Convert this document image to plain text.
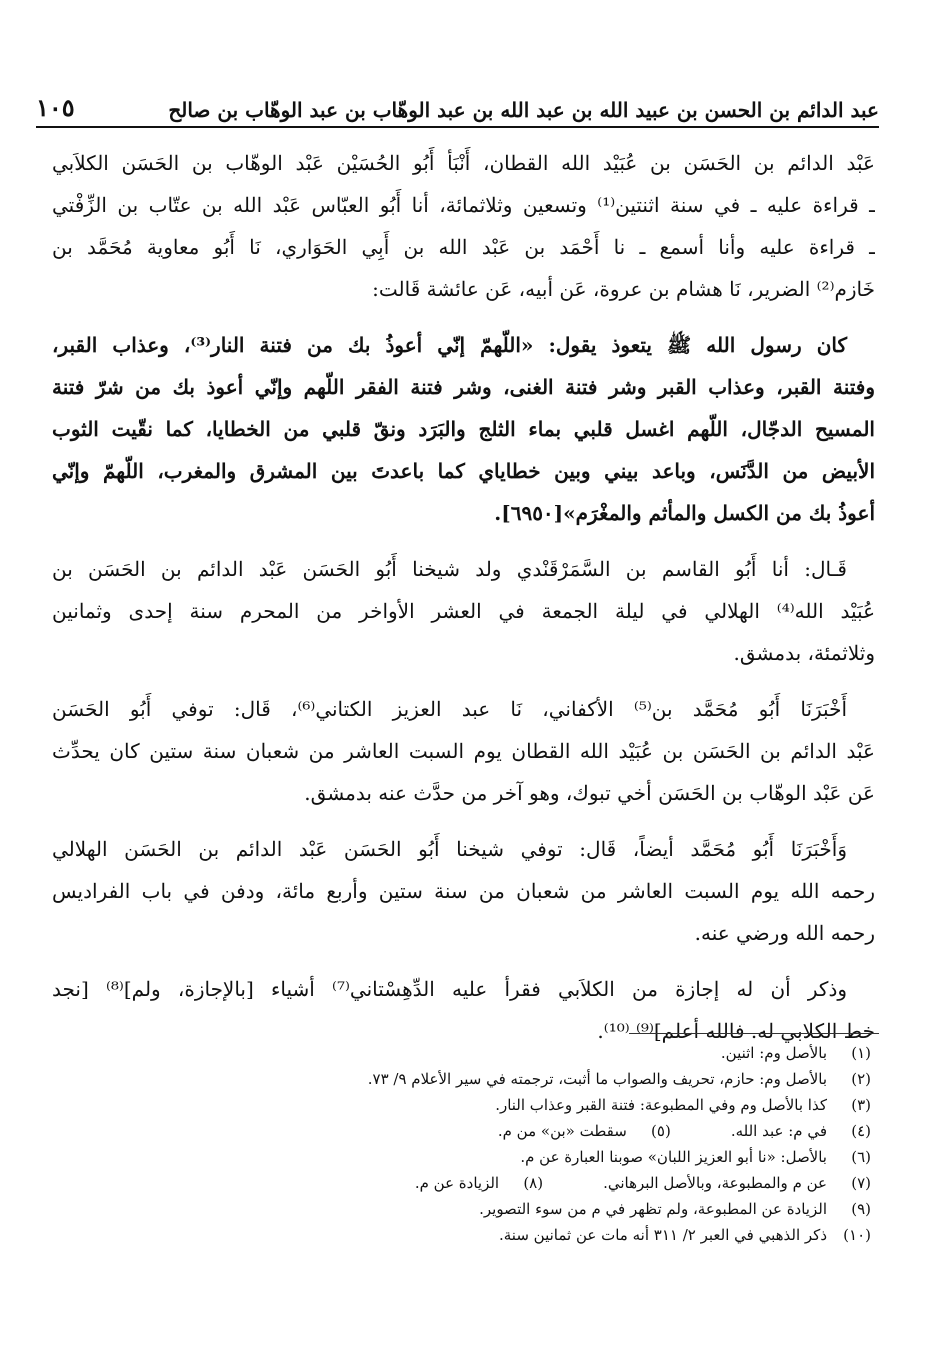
عبد الدائم بن الحسن بن عبيد الله بن عبد الله بن عبد الوهّاب بن عبد الوهّاب بن صالح
١٠٥

عَبْد الدائم بن الحَسَن بن عُبَيْد الله القطان، أَنْبَأ أَبُو الحُسَيْن عَبْد الوهّاب بن الحَسَن الكلاَبي
ـ قراءة عليه ـ في سنة اثنتين⁽¹⁾ وتسعين وثلاثمائة، أنا أَبُو العبّاس عَبْد الله بن عتّاب بن الزِّفْتي
ـ قراءة عليه وأنا أسمع ـ نا أَحْمَد بن عَبْد الله بن أَبِي الحَوَاري، نَا أَبُو معاوية مُحَمَّد بن
خَازم⁽²⁾ الضرير، نَا هشام بن عروة، عَن أبيه، عَن عائشة قَالت:

كان رسول الله ﷺ يتعوذ يقول: «اللّهمّ إنّي أعوذُ بك من فتنة النار⁽³⁾، وعذاب القبر،
وفتنة القبر، وعذاب القبر وشر فتنة الغنى، وشر فتنة الفقر اللّهم وإنّي أعوذ بك من شرّ فتنة
المسيح الدجّال، اللّهم اغسل قلبي بماء الثلج والبَرَد ونقّ قلبي من الخطايا، كما نقّيت الثوب
الأبيض من الدَّنَس، وباعد بيني وبين خطاياي كما باعدتَ بين المشرق والمغرب، اللّهمّ وإنّي
أعوذُ بك من الكسل والمأثم والمغْرَم»[٦٩٥٠].

قَـال: أنا أَبُو القاسم بن السَّمَرْقَنْدي ولد شيخنا أَبُو الحَسَن عَبْد الدائم بن الحَسَن بن
عُبَيْد الله⁽⁴⁾ الهلالي في ليلة الجمعة في العشر الأواخر من المحرم سنة إحدى وثمانين
وثلاثمئة، بدمشق.

أَخْبَرَنَا أَبُو مُحَمَّد بن⁽⁵⁾ الأكفاني، نَا عبد العزيز الكتاني⁽⁶⁾، قَال: توفي أَبُو الحَسَن
عَبْد الدائم بن الحَسَن بن عُبَيْد الله القطان يوم السبت العاشر من شعبان سنة ستين كان يحدِّث
عَن عَبْد الوهّاب بن الحَسَن أخي تبوك، وهو آخر من حدَّث عنه بدمشق.

وَأَخْبَرَنَا أَبُو مُحَمَّد أيضاً، قَال: توفي شيخنا أَبُو الحَسَن عَبْد الدائم بن الحَسَن الهلالي
رحمه الله يوم السبت العاشر من شعبان من سنة ستين وأربع مائة، ودفن في باب الفراديس
رحمه الله ورضي عنه.

وذكر أن له إجازة من الكلاَبي فقرأ عليه الدِّهِسْتاني⁽⁷⁾ أشياء [بالإجازة، ولم]⁽⁸⁾ [نجد
خط الكلابي له. فالله أعلم]⁽⁹⁾ ⁽¹⁰⁾.

(١)
بالأصل وم: اثنين.
(٢)
بالأصل وم: حازم، تحريف والصواب ما أثبت، ترجمته في سير الأعلام ٩/ ٧٣.
(٣)
كذا بالأصل وم وفي المطبوعة: فتنة القبر وعذاب النار.
(٤)
في م: عبد الله.
(٥)
سقطت «بن» من م.
(٦)
بالأصل: «نا أبو العزيز اللبان» صوبنا العبارة عن م.
(٧)
عن م والمطبوعة، وبالأصل البرهاني.
(٨)
الزيادة عن م.
(٩)
الزيادة عن المطبوعة، ولم تظهر في م من سوء التصوير.
(١٠)
ذكر الذهبي في العبر ٢/ ٣١١ أنه مات عن ثمانين سنة.
